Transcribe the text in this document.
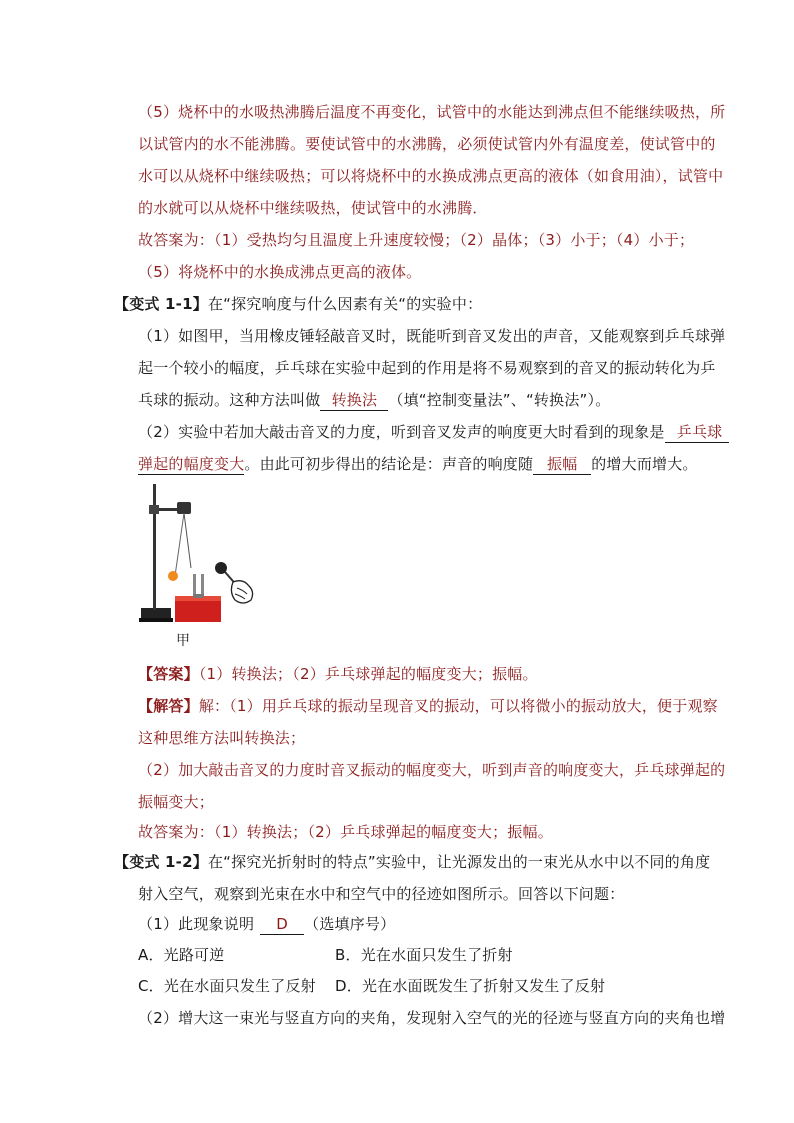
（5）烧杯中的水吸热沸腾后温度不再变化，试管中的水能达到沸点但不能继续吸热，所
以试管内的水不能沸腾。要使试管中的水沸腾，必须使试管内外有温度差，使试管中的
水可以从烧杯中继续吸热；可以将烧杯中的水换成沸点更高的液体（如食用油），试管中
的水就可以从烧杯中继续吸热，使试管中的水沸腾．
故答案为：（1）受热均匀且温度上升速度较慢；（2）晶体；（3）小于；（4）小于；
（5）将烧杯中的水换成沸点更高的液体。
【变式 1-1】在“探究响度与什么因素有关“的实验中：
（1）如图甲，当用橡皮锤轻敲音叉时，既能听到音叉发出的声音，又能观察到乒乓球弹
起一个较小的幅度，乒乓球在实验中起到的作用是将不易观察到的音叉的振动转化为乒
乓球的振动。这种方法叫做 转换法 （填“控制变量法”、“转换法”）。
（2）实验中若加大敲击音叉的力度，听到音叉发声的响度更大时看到的现象是 乒乓球
弹起的幅度变大。由此可初步得出的结论是：声音的响度随 振幅 的增大而增大。
甲
【答案】（1）转换法；（2）乒乓球弹起的幅度变大；振幅。
【解答】解：（1）用乒乓球的振动呈现音叉的振动，可以将微小的振动放大，便于观察
这种思维方法叫转换法；
（2）加大敲击音叉的力度时音叉振动的幅度变大，听到声音的响度变大，乒乓球弹起的
振幅变大；
故答案为：（1）转换法；（2）乒乓球弹起的幅度变大；振幅。
【变式 1-2】在“探究光折射时的特点”实验中，让光源发出的一束光从水中以不同的角度
射入空气，观察到光束在水中和空气中的径迹如图所示。回答以下问题：
（1）此现象说明 D （选填序号）
A．光路可逆	B．光在水面只发生了折射
C．光在水面只发生了反射 D．光在水面既发生了折射又发生了反射
（2）增大这一束光与竖直方向的夹角，发现射入空气的光的径迹与竖直方向的夹角也增
